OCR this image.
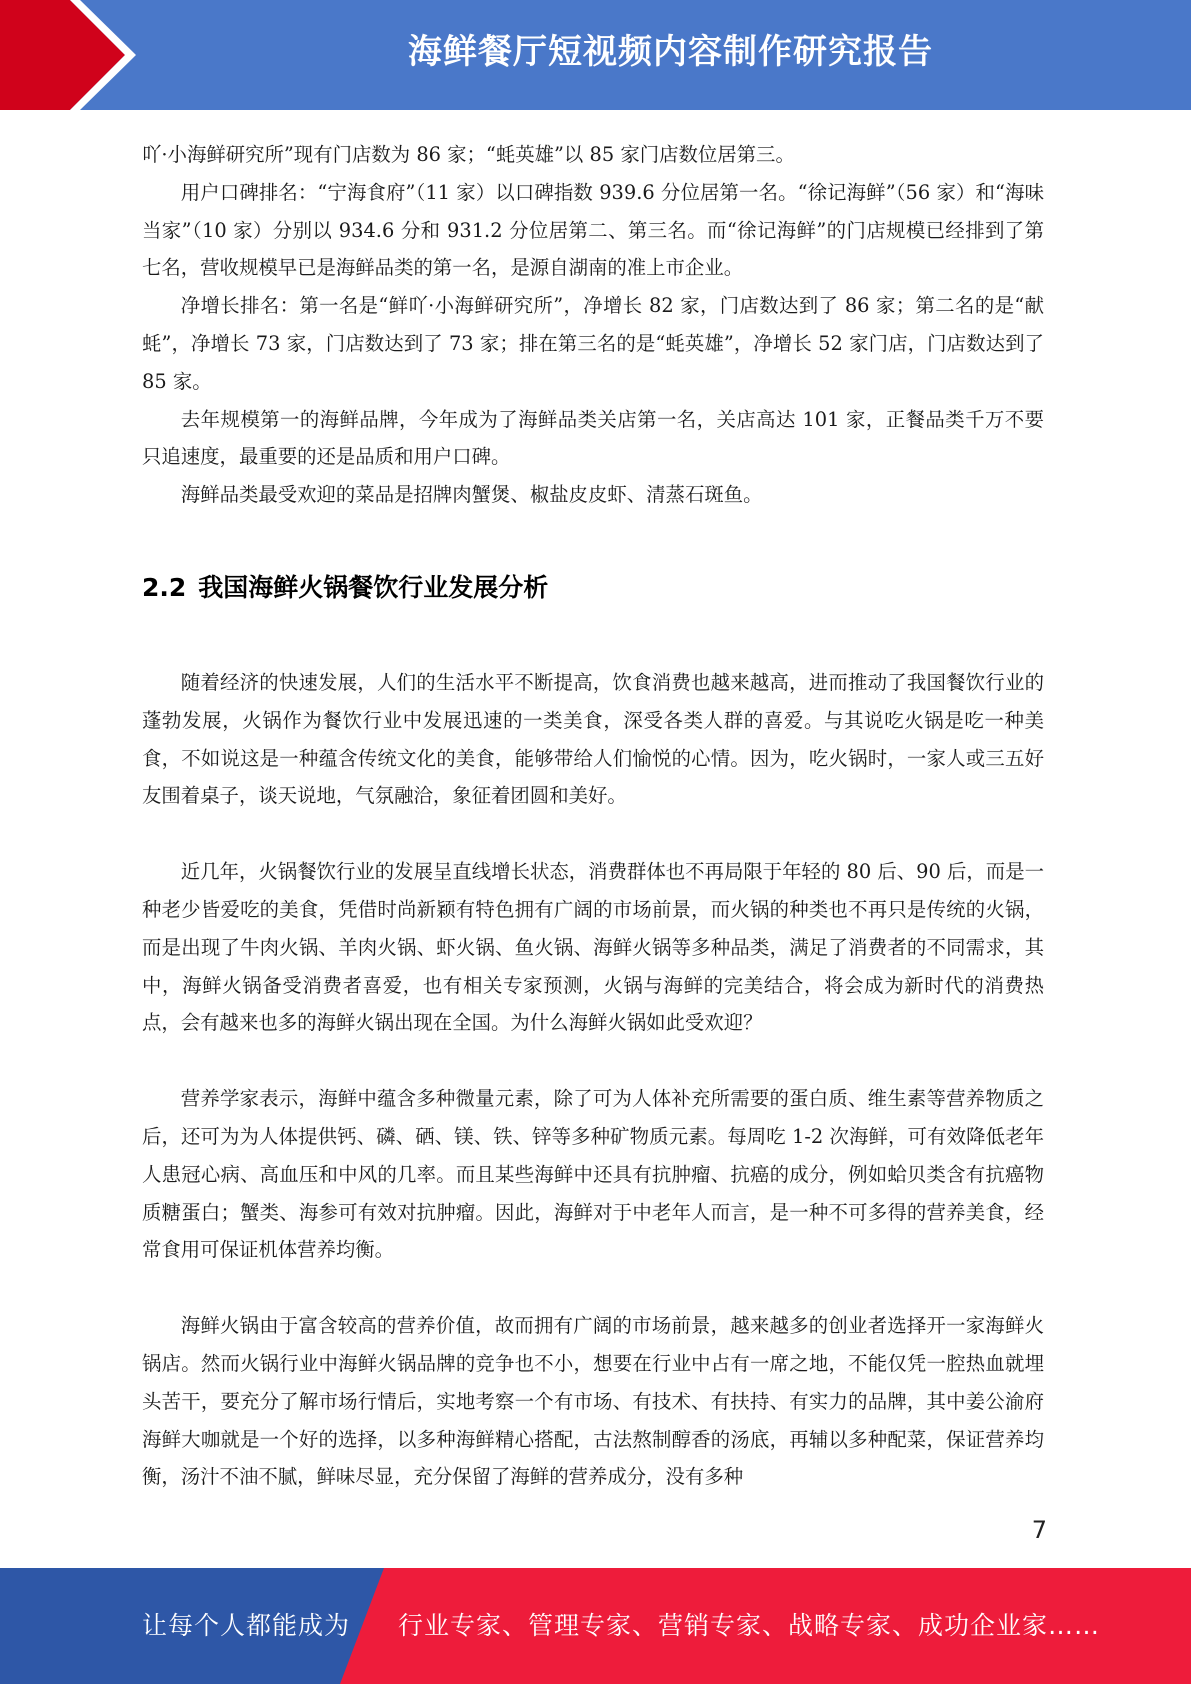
海鲜餐厅短视频内容制作研究报告

吖·小海鲜研究所”现有门店数为 86 家；“蚝英雄”以 85 家门店数位居第三。

用户口碑排名：“宁海食府”（11 家）以口碑指数 939.6 分位居第一名。“徐记海鲜”（56 家）和“海味当家”（10 家）分别以 934.6 分和 931.2 分位居第二、第三名。而“徐记海鲜”的门店规模已经排到了第七名，营收规模早已是海鲜品类的第一名，是源自湖南的准上市企业。

净增长排名：第一名是“鲜吖·小海鲜研究所”，净增长 82 家，门店数达到了 86 家；第二名的是“献蚝”，净增长 73 家，门店数达到了 73 家；排在第三名的是“蚝英雄”，净增长 52 家门店，门店数达到了 85 家。

去年规模第一的海鲜品牌，今年成为了海鲜品类关店第一名，关店高达 101 家，正餐品类千万不要只追速度，最重要的还是品质和用户口碑。

海鲜品类最受欢迎的菜品是招牌肉蟹煲、椒盐皮皮虾、清蒸石斑鱼。

2.2 我国海鲜火锅餐饮行业发展分析

随着经济的快速发展，人们的生活水平不断提高，饮食消费也越来越高，进而推动了我国餐饮行业的蓬勃发展，火锅作为餐饮行业中发展迅速的一类美食，深受各类人群的喜爱。与其说吃火锅是吃一种美食，不如说这是一种蕴含传统文化的美食，能够带给人们愉悦的心情。因为，吃火锅时，一家人或三五好友围着桌子，谈天说地，气氛融洽，象征着团圆和美好。

近几年，火锅餐饮行业的发展呈直线增长状态，消费群体也不再局限于年轻的 80 后、90 后，而是一种老少皆爱吃的美食，凭借时尚新颖有特色拥有广阔的市场前景，而火锅的种类也不再只是传统的火锅，而是出现了牛肉火锅、羊肉火锅、虾火锅、鱼火锅、海鲜火锅等多种品类，满足了消费者的不同需求，其中，海鲜火锅备受消费者喜爱，也有相关专家预测，火锅与海鲜的完美结合，将会成为新时代的消费热点，会有越来也多的海鲜火锅出现在全国。为什么海鲜火锅如此受欢迎？

营养学家表示，海鲜中蕴含多种微量元素，除了可为人体补充所需要的蛋白质、维生素等营养物质之后，还可为为人体提供钙、磷、硒、镁、铁、锌等多种矿物质元素。每周吃 1-2 次海鲜，可有效降低老年人患冠心病、高血压和中风的几率。而且某些海鲜中还具有抗肿瘤、抗癌的成分，例如蛤贝类含有抗癌物质糖蛋白；蟹类、海参可有效对抗肿瘤。因此，海鲜对于中老年人而言，是一种不可多得的营养美食，经常食用可保证机体营养均衡。

海鲜火锅由于富含较高的营养价值，故而拥有广阔的市场前景，越来越多的创业者选择开一家海鲜火锅店。然而火锅行业中海鲜火锅品牌的竞争也不小，想要在行业中占有一席之地，不能仅凭一腔热血就埋头苦干，要充分了解市场行情后，实地考察一个有市场、有技术、有扶持、有实力的品牌，其中姜公渝府海鲜大咖就是一个好的选择，以多种海鲜精心搭配，古法熬制醇香的汤底，再辅以多种配菜，保证营养均衡，汤汁不油不腻，鲜味尽显，充分保留了海鲜的营养成分，没有多种

7
让每个人都能成为 行业专家、管理专家、营销专家、战略专家、成功企业家……
